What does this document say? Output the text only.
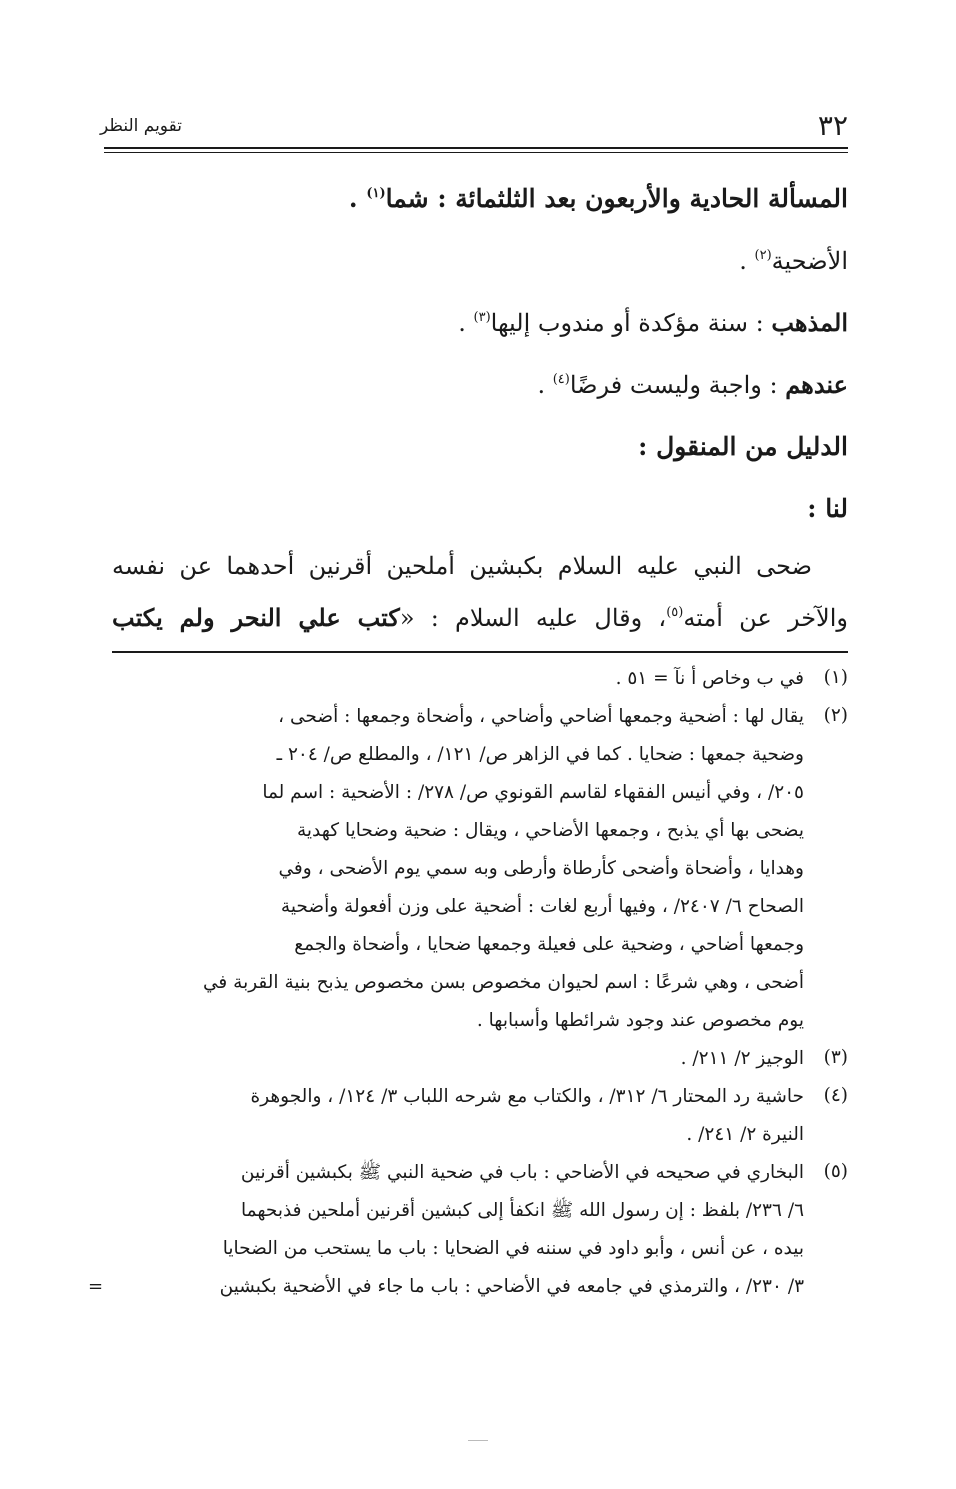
٣٢
تقويم النظر
المسألة الحادية والأربعون بعد الثلثمائة : شما$^{(١)}$ .
الأضحية$^{(٢)}$ .
المذهب : سنة مؤكدة أو مندوب إليها$^{(٣)}$ .
عندهم : واجبة وليست فرضًا$^{(٤)}$ .
الدليل من المنقول :
لنا :
ضحى النبي عليه السلام بكبشين أملحين أقرنين أحدهما عن نفسه
والآخر عن أمته$^{(٥)}$، وقال عليه السلام : «كتب علي النحر ولم يكتب
(١)
في ب وخاص أ نآ = ٥١ .
(٢)
يقال لها : أضحية وجمعها أضاحي وأضاحي ، وأضحاة وجمعها : أضحى ،
وضحية جمعها : ضحايا . كما في الزاهر ص/ ١٢١/ ، والمطلع ص/ ٢٠٤ ـ
٢٠٥/ ، وفي أنيس الفقهاء لقاسم القونوي ص/ ٢٧٨/ : الأضحية : اسم لما
يضحى بها أي يذبح ، وجمعها الأضاحي ، ويقال : ضحية وضحايا كهدية
وهدايا ، وأضحاة وأضحى كأرطاة وأرطى وبه سمي يوم الأضحى ، وفي
الصحاح ٦/ ٢٤٠٧/ ، وفيها أربع لغات : أضحية على وزن أفعولة وأضحية
وجمعها أضاحي ، وضحية على فعيلة وجمعها ضحايا ، وأضحاة والجمع
أضحى ، وهي شرعًا : اسم لحيوان مخصوص بسن مخصوص يذبح بنية القربة في
يوم مخصوص عند وجود شرائطها وأسبابها .
(٣)
الوجيز ٢/ ٢١١/ .
(٤)
حاشية رد المحتار ٦/ ٣١٢/ ، والكتاب مع شرحه اللباب ٣/ ١٢٤/ ، والجوهرة
النيرة ٢/ ٢٤١/ .
(٥)
البخاري في صحيحه في الأضاحي : باب في ضحية النبي ﷺ بكبشين أقرنين
٦/ ٢٣٦/ بلفظ : إن رسول الله ﷺ انكفأ إلى كبشين أقرنين أملحين فذبحهما
بيده ، عن أنس ، وأبو داود في سننه في الضحايا : باب ما يستحب من الضحايا
٣/ ٢٣٠/ ، والترمذي في جامعه في الأضاحي : باب ما جاء في الأضحية بكبشين
=
